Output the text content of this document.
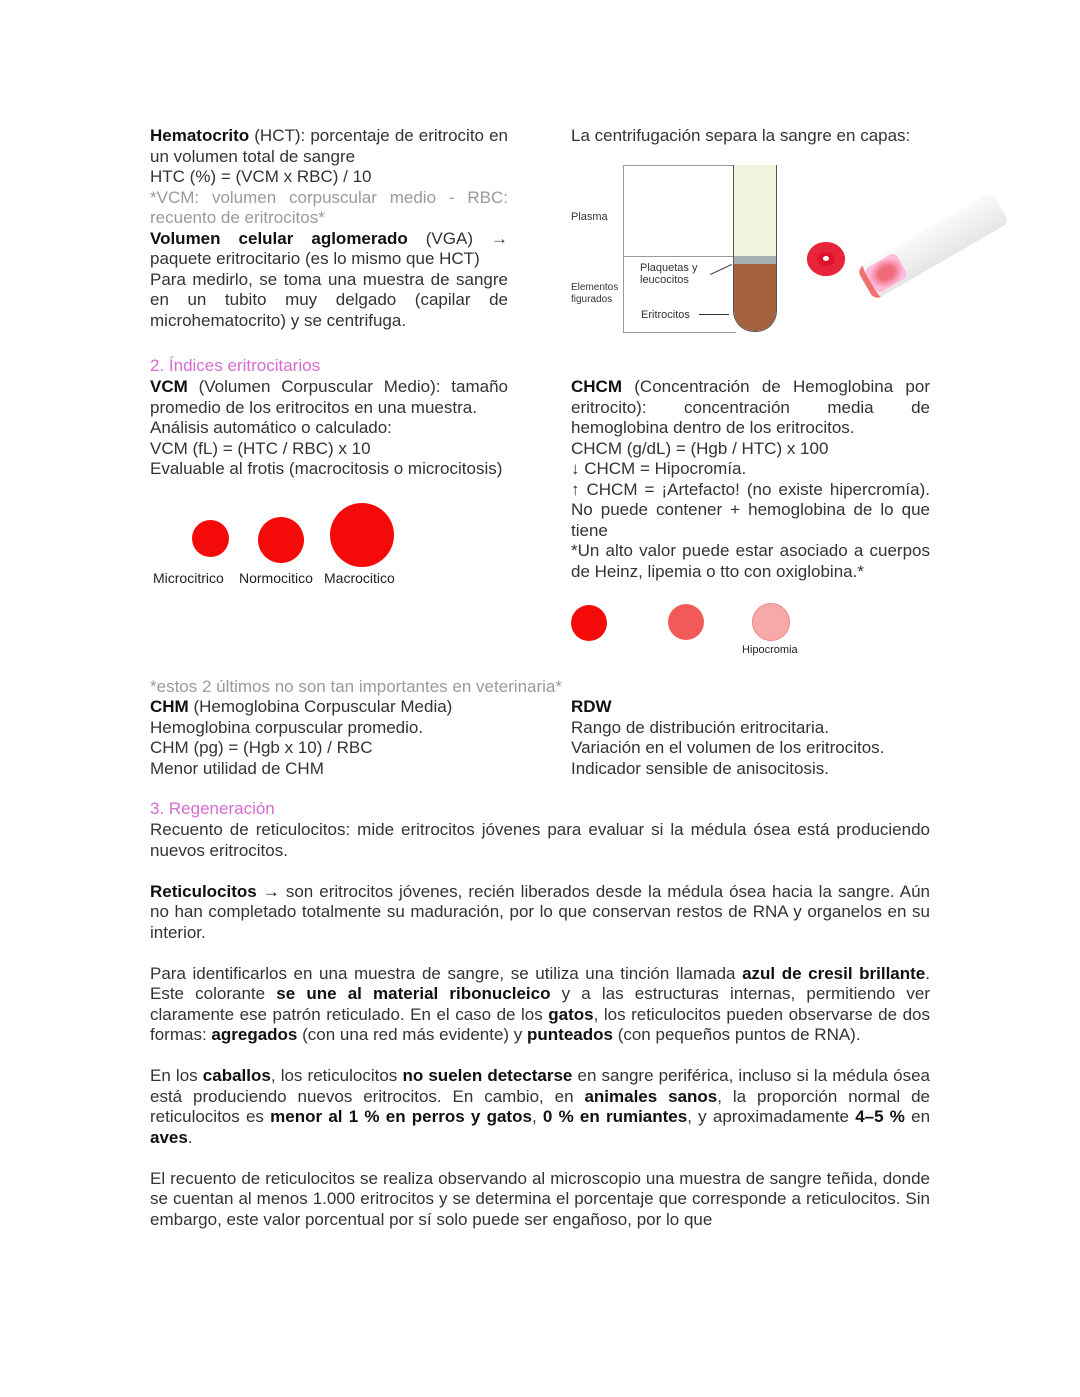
Hematocrito (HCT): porcentaje de eritrocito en un volumen total de sangre

HTC (%) = (VCM x RBC) / 10

*VCM: volumen corpuscular medio - RBC: recuento de eritrocitos*

Volumen celular aglomerado (VGA) → paquete eritrocitario (es lo mismo que HCT)

Para medirlo, se toma una muestra de sangre en un tubito muy delgado (capilar de microhematocrito) y se centrifuga.

La centrifugación separa la sangre en capas:

Plasma
Plaquetas y leucocitos
Elementos figurados
Eritrocitos
2. Índices eritrocitarios

VCM (Volumen Corpuscular Medio): tamaño promedio de los eritrocitos en una muestra.

Análisis automático o calculado:

VCM (fL) = (HTC / RBC) x 10

Evaluable al frotis (macrocitosis o microcitosis)

Microcitrico Normocitico Macrocitico

CHCM (Concentración de Hemoglobina por eritrocito): concentración media de hemoglobina dentro de los eritrocitos.

CHCM (g/dL) = (Hgb / HTC) x 100

↓ CHCM = Hipocromía.

↑ CHCM = ¡Artefacto! (no existe hipercromía). No puede contener + hemoglobina de lo que tiene

*Un alto valor puede estar asociado a cuerpos de Heinz, lipemia o tto con oxiglobina.*

Hipocromia
*estos 2 últimos no son tan importantes en veterinaria*

CHM (Hemoglobina Corpuscular Media)

Hemoglobina corpuscular promedio.

CHM (pg) = (Hgb x 10) / RBC

Menor utilidad de CHM

RDW

Rango de distribución eritrocitaria.

Variación en el volumen de los eritrocitos.

Indicador sensible de anisocitosis.

3. Regeneración

Recuento de reticulocitos: mide eritrocitos jóvenes para evaluar si la médula ósea está produciendo nuevos eritrocitos.

Reticulocitos → son eritrocitos jóvenes, recién liberados desde la médula ósea hacia la sangre. Aún no han completado totalmente su maduración, por lo que conservan restos de RNA y organelos en su interior.

Para identificarlos en una muestra de sangre, se utiliza una tinción llamada azul de cresil brillante. Este colorante se une al material ribonucleico y a las estructuras internas, permitiendo ver claramente ese patrón reticulado. En el caso de los gatos, los reticulocitos pueden observarse de dos formas: agregados (con una red más evidente) y punteados (con pequeños puntos de RNA).

En los caballos, los reticulocitos no suelen detectarse en sangre periférica, incluso si la médula ósea está produciendo nuevos eritrocitos. En cambio, en animales sanos, la proporción normal de reticulocitos es menor al 1 % en perros y gatos, 0 % en rumiantes, y aproximadamente 4–5 % en aves.

El recuento de reticulocitos se realiza observando al microscopio una muestra de sangre teñida, donde se cuentan al menos 1.000 eritrocitos y se determina el porcentaje que corresponde a reticulocitos. Sin embargo, este valor porcentual por sí solo puede ser engañoso, por lo que
